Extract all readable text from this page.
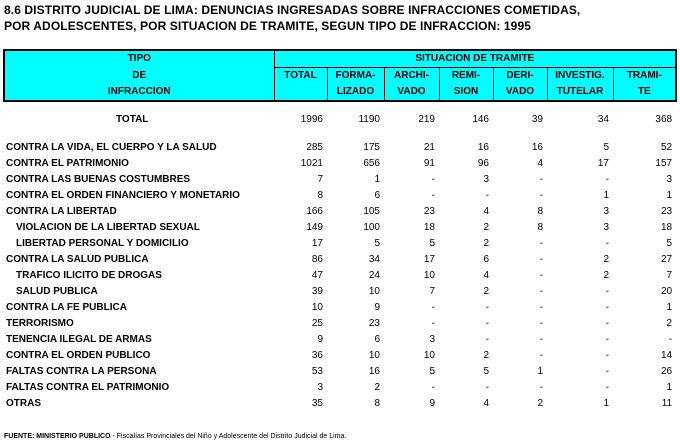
8.6 DISTRITO JUDICIAL DE LIMA: DENUNCIAS INGRESADAS SOBRE INFRACCIONES COMETIDAS,
POR ADOLESCENTES, POR SITUACION DE TRAMITE, SEGUN TIPO DE INFRACCION: 1995
TIPO	SITUACION DE TRAMITE						
DE	TOTAL	FORMA-	ARCHI-	REMI-	DERI-	INVESTIG.	TRAMI-
INFRACCION		LIZADO	VADO	SION	VADO	TUTELAR	TE

TOTAL	1996	1190	219	146	39	34	368

CONTRA LA VIDA, EL CUERPO Y LA SALUD	285	175	21	16	16	5	52
CONTRA EL PATRIMONIO	1021	656	91	96	4	17	157
CONTRA LAS BUENAS COSTUMBRES	7	1	-	3	-	-	3
CONTRA EL ORDEN FINANCIERO Y MONETARIO	8	6	-	-	-	1	1
CONTRA LA LIBERTAD	166	105	23	4	8	3	23
VIOLACION DE LA LIBERTAD SEXUAL	149	100	18	2	8	3	18
LIBERTAD PERSONAL Y DOMICILIO	17	5	5	2	-	-	5
CONTRA LA SALUD PUBLICA	86	34	17	6	-	2	27
TRAFICO ILICITO DE DROGAS	47	24	10	4	-	2	7
SALUD PUBLICA	39	10	7	2	-	-	20
CONTRA LA FE PUBLICA	10	9	-	-	-	-	1
TERRORISMO	25	23	-	-	-	-	2
TENENCIA ILEGAL DE ARMAS	9	6	3	-	-	-	-
CONTRA EL ORDEN PUBLICO	36	10	10	2	-	-	14
FALTAS CONTRA LA PERSONA	53	16	5	5	1	-	26
FALTAS CONTRA EL PATRIMONIO	3	2	-	-	-	-	1
OTRAS	35	8	9	4	2	1	11
FUENTE: MINISTERIO PUBLICO - Fiscalías Provinciales del Niño y Adolescente del Distrito Judicial de Lima.
